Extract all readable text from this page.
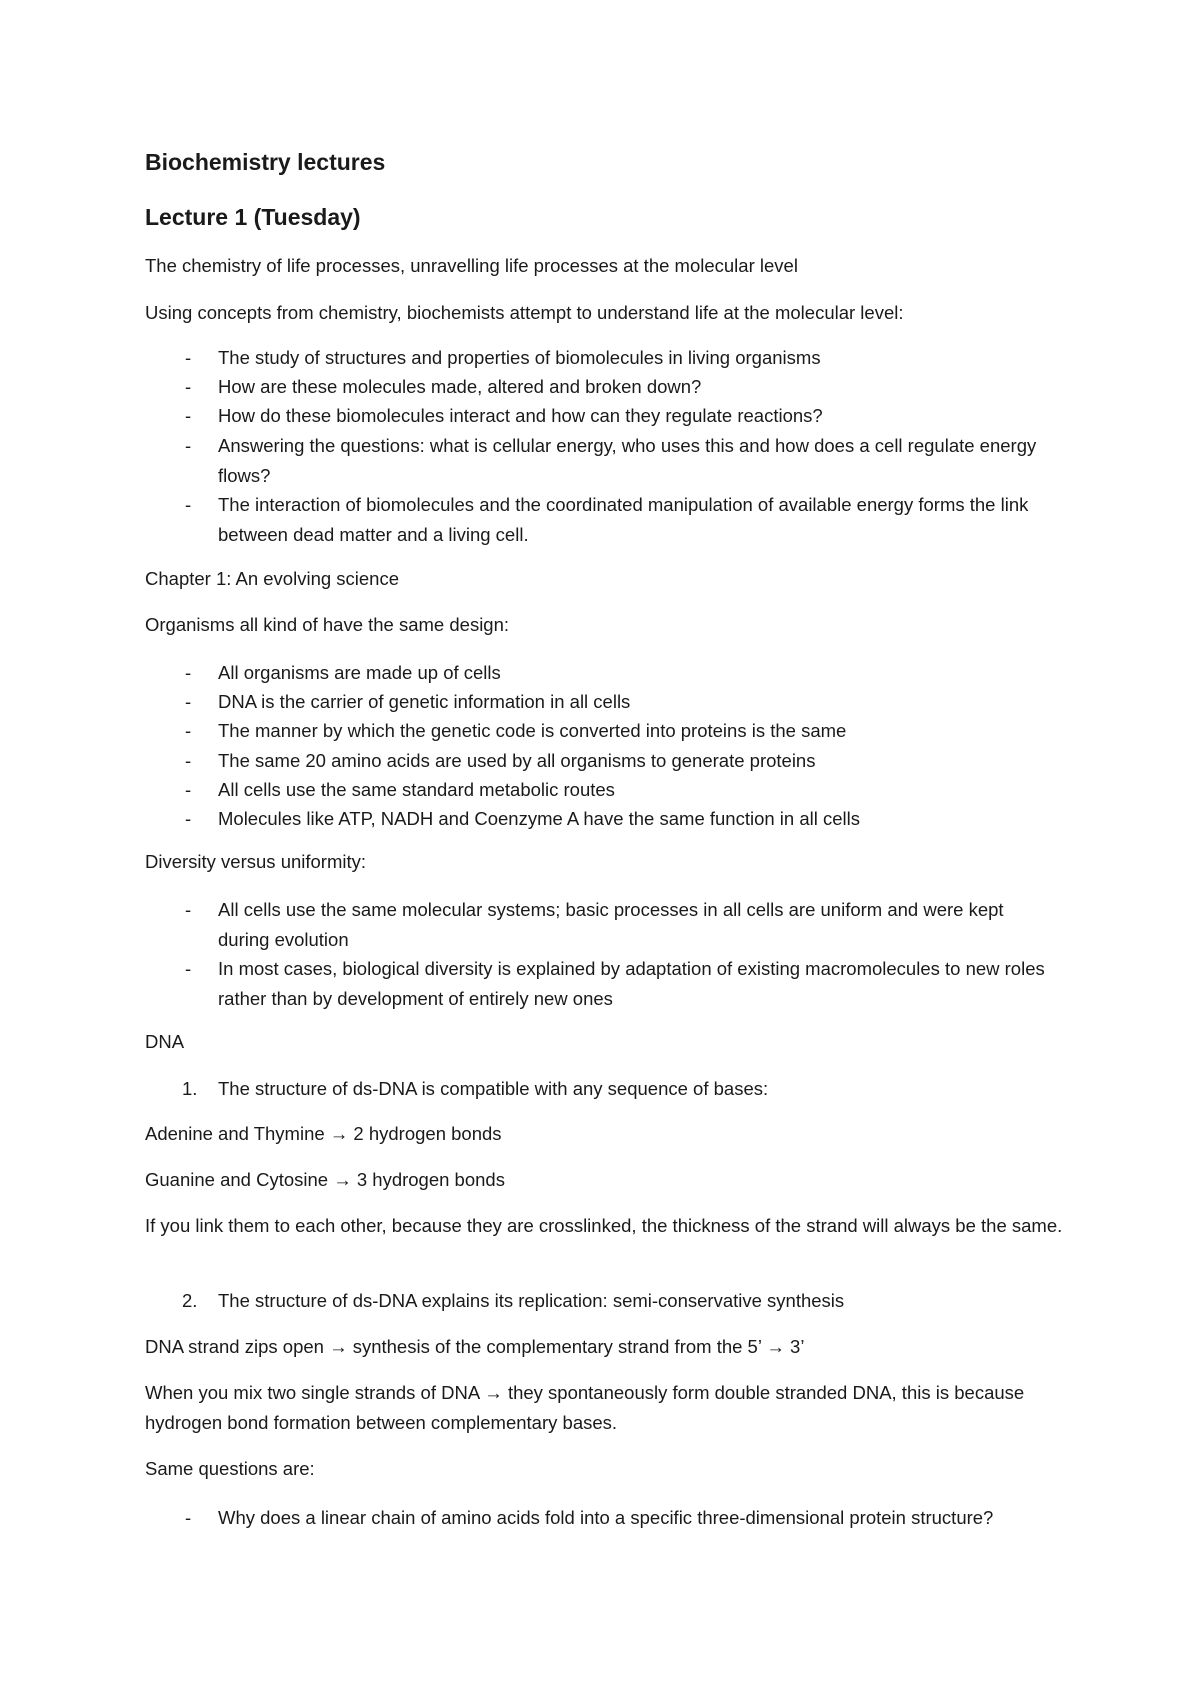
Biochemistry lectures

Lecture 1 (Tuesday)

The chemistry of life processes, unravelling life processes at the molecular level

Using concepts from chemistry, biochemists attempt to understand life at the molecular level:

- The study of structures and properties of biomolecules in living organisms

- How are these molecules made, altered and broken down?

- How do these biomolecules interact and how can they regulate reactions?

- Answering the questions: what is cellular energy, who uses this and how does a cell regulate energy flows?

- The interaction of biomolecules and the coordinated manipulation of available energy forms the link between dead matter and a living cell.

Chapter 1: An evolving science

Organisms all kind of have the same design:

- All organisms are made up of cells

- DNA is the carrier of genetic information in all cells

- The manner by which the genetic code is converted into proteins is the same

- The same 20 amino acids are used by all organisms to generate proteins

- All cells use the same standard metabolic routes

- Molecules like ATP, NADH and Coenzyme A have the same function in all cells

Diversity versus uniformity:

- All cells use the same molecular systems; basic processes in all cells are uniform and were kept during evolution

- In most cases, biological diversity is explained by adaptation of existing macromolecules to new roles rather than by development of entirely new ones

DNA

1. The structure of ds-DNA is compatible with any sequence of bases:

Adenine and Thymine → 2 hydrogen bonds

Guanine and Cytosine → 3 hydrogen bonds

If you link them to each other, because they are crosslinked, the thickness of the strand will always be the same.

2. The structure of ds-DNA explains its replication: semi-conservative synthesis

DNA strand zips open → synthesis of the complementary strand from the 5’ → 3’

When you mix two single strands of DNA → they spontaneously form double stranded DNA, this is because hydrogen bond formation between complementary bases.

Same questions are:

- Why does a linear chain of amino acids fold into a specific three-dimensional protein structure?
